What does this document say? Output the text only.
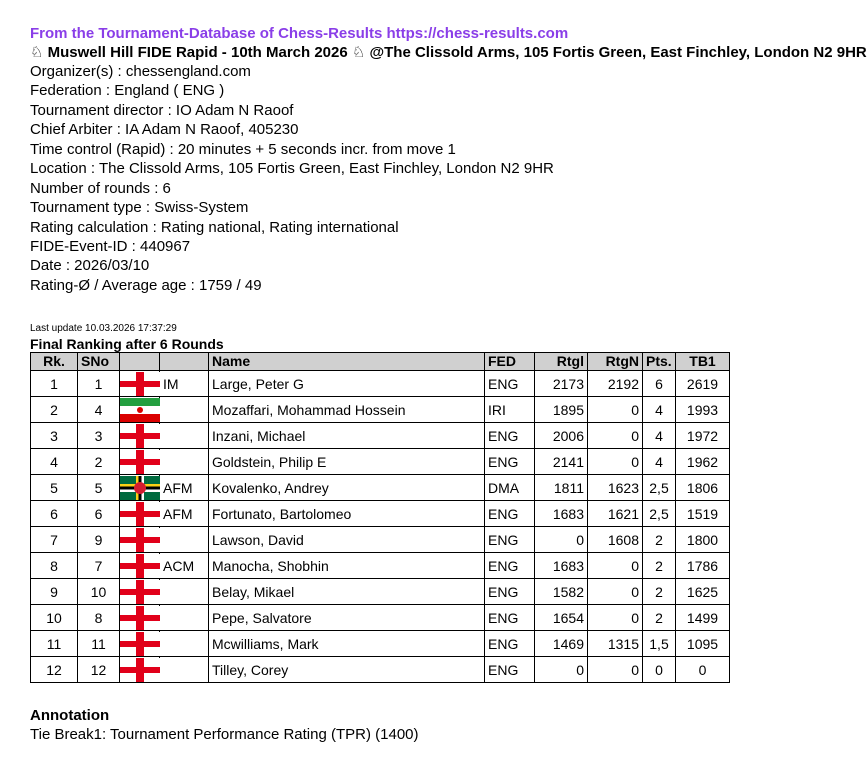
From the Tournament-Database of Chess-Results https://chess-results.com
♘ Muswell Hill FIDE Rapid - 10th March 2026 ♘ @The Clissold Arms, 105 Fortis Green, East Finchley, London N2 9HR
Organizer(s) : chessengland.com
Federation : England ( ENG )
Tournament director : IO Adam N Raoof
Chief Arbiter : IA Adam N Raoof, 405230
Time control (Rapid) : 20 minutes + 5 seconds incr. from move 1
Location : The Clissold Arms, 105 Fortis Green, East Finchley, London N2 9HR
Number of rounds : 6
Tournament type : Swiss-System
Rating calculation : Rating national, Rating international
FIDE-Event-ID : 440967
Date : 2026/03/10
Rating-Ø / Average age : 1759 / 49
Last update 10.03.2026 17:37:29
Final Ranking after 6 Rounds
Rk.	SNo			Name	FED	Rtgl	RtgN	Pts.	TB1
1	1		IM	Large, Peter G	ENG	2173	2192	6	2619
2	4			Mozaffari, Mohammad Hossein	IRI	1895	0	4	1993
3	3			Inzani, Michael	ENG	2006	0	4	1972
4	2			Goldstein, Philip E	ENG	2141	0	4	1962
5	5		AFM	Kovalenko, Andrey	DMA	1811	1623	2,5	1806
6	6		AFM	Fortunato, Bartolomeo	ENG	1683	1621	2,5	1519
7	9			Lawson, David	ENG	0	1608	2	1800
8	7		ACM	Manocha, Shobhin	ENG	1683	0	2	1786
9	10			Belay, Mikael	ENG	1582	0	2	1625
10	8			Pepe, Salvatore	ENG	1654	0	2	1499
11	11			Mcwilliams, Mark	ENG	1469	1315	1,5	1095
12	12			Tilley, Corey	ENG	0	0	0	0
Annotation
Tie Break1: Tournament Performance Rating (TPR) (1400)
